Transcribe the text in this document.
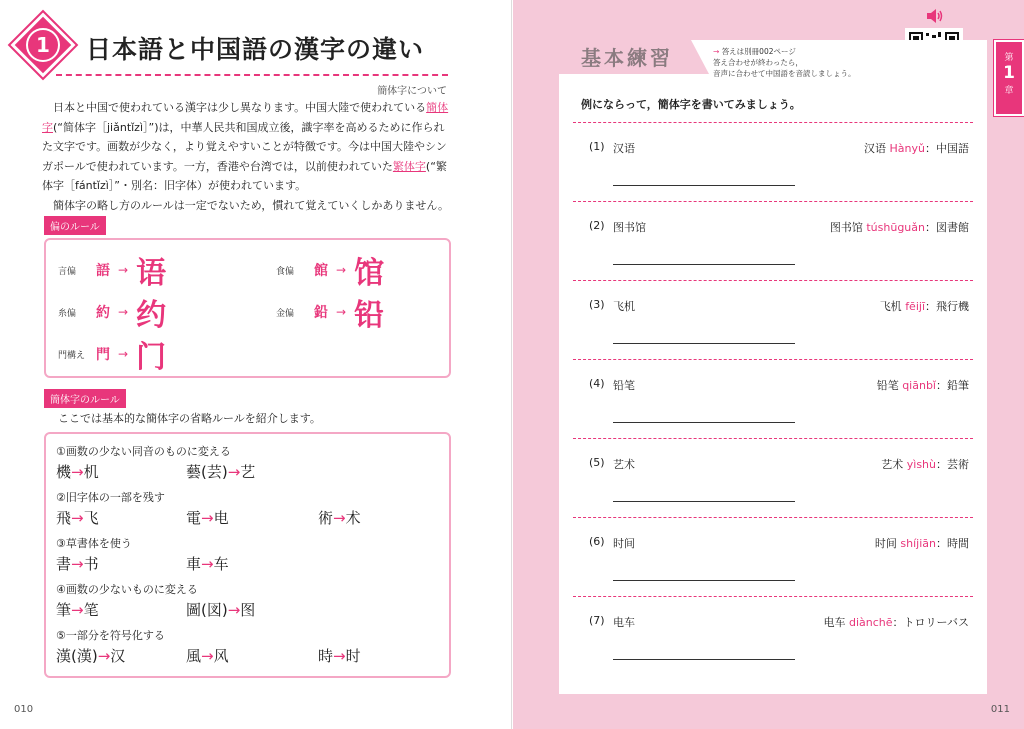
1	日本語と中国語の漢字の違い
簡体字について
日本と中国で使われている漢字は少し異なります。中国大陸で使われている簡体字(“简体字［jiǎntǐzì］”)は，中華人民共和国成立後，識字率を高めるために作られた文字です。画数が少なく，より覚えやすいことが特徴です。今は中国大陸やシンガポールで使われています。一方，香港や台湾では，以前使われていた繁体字(“繁体字［fántǐzì］”・別名：旧字体）が使われています。
簡体字の略し方のルールは一定でないため，慣れて覚えていくしかありません。
偏のルール
言偏	語 → 语	食偏	館 → 馆
糸偏	約 → 约	金偏	鉛 → 铅
門構え 門 → 门
簡体字のルール
ここでは基本的な簡体字の省略ルールを紹介します。
①画数の少ない同音のものに変える
機→机	藝(芸)→艺
②旧字体の一部を残す
飛→飞	電→电	術→术
③草書体を使う
書→书	車→车
④画数の少ないものに変える
筆→笔	圖(図)→图
⑤一部分を符号化する
漢(漢)→汉	風→风	時→时
010
基本練習	→ 答えは別冊002ページ
答え合わせが終わったら，
音声に合わせて中国語を音読しましょう。
第
1
章
例にならって，簡体字を書いてみましょう。
(1) 汉语	汉语 Hànyǔ：中国語
(2) 图书馆	图书馆 túshūguǎn：図書館
(3) 飞机	飞机 fēijī：飛行機
(4) 铅笔	铅笔 qiānbǐ：鉛筆
(5) 艺术	艺术 yìshù：芸術
(6) 时间	时间 shíjiān：時間
(7) 电车	电车 diànchē：トロリーバス
011
